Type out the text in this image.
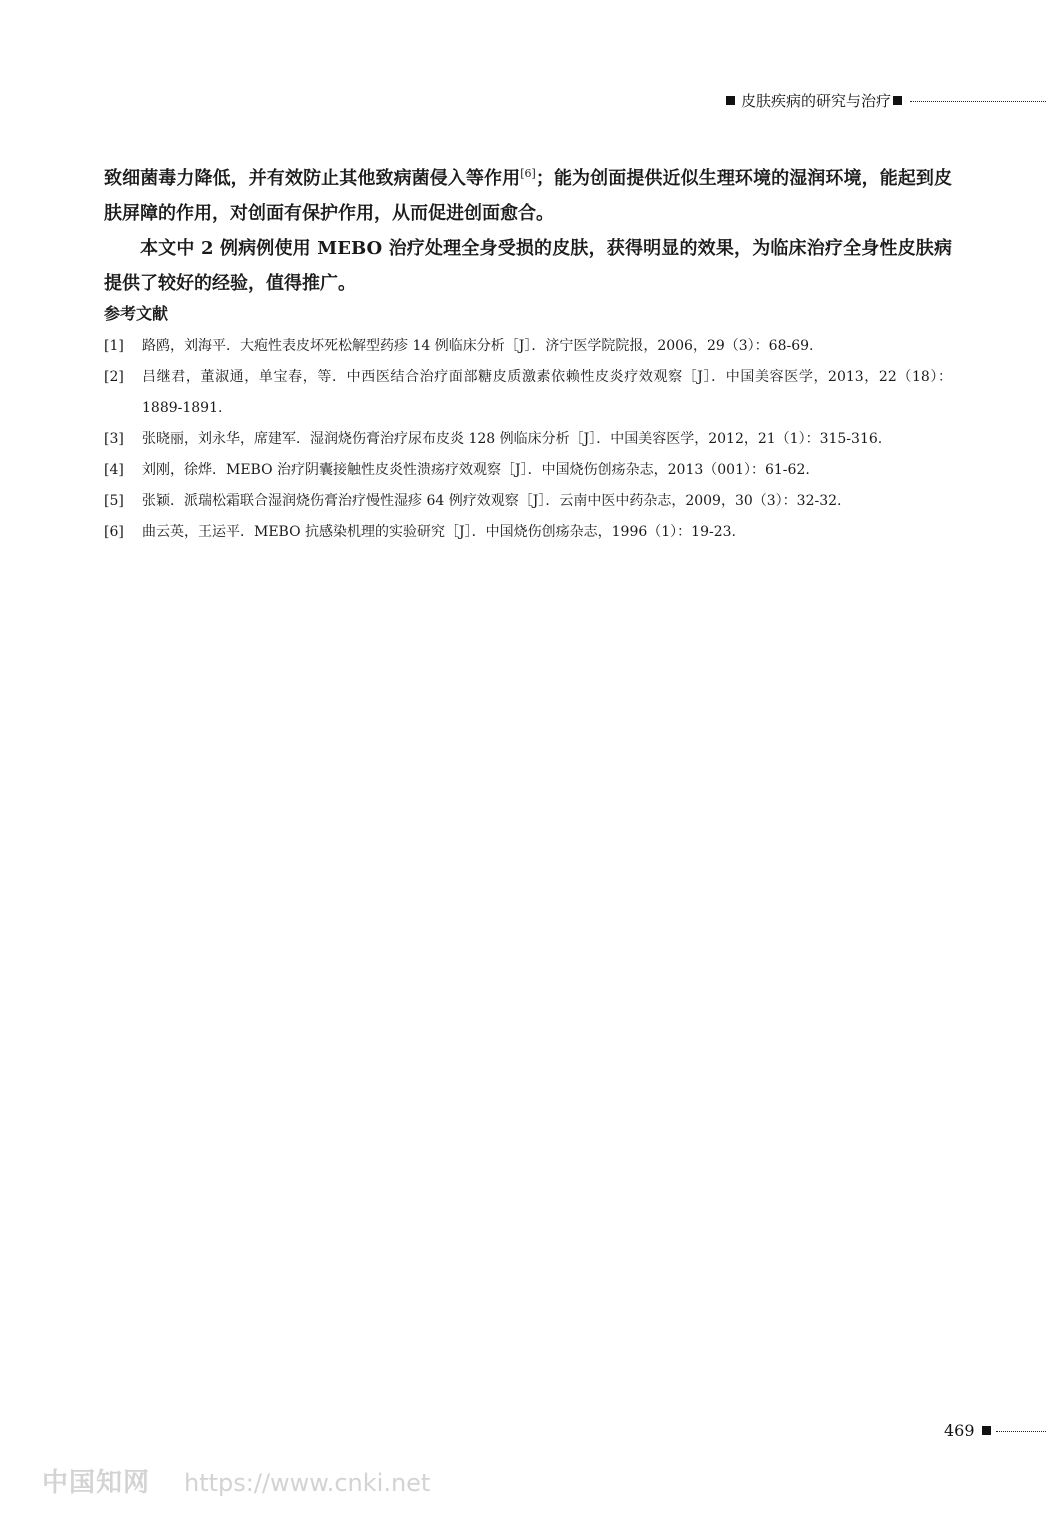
皮肤疾病的研究与治疗

致细菌毒力降低，并有效防止其他致病菌侵入等作用[6]；能为创面提供近似生理环境的湿润环境，能起到皮肤屏障的作用，对创面有保护作用，从而促进创面愈合。

本文中 2 例病例使用 MEBO 治疗处理全身受损的皮肤，获得明显的效果，为临床治疗全身性皮肤病提供了较好的经验，值得推广。

参考文献
[1]	路鸥，刘海平．大疱性表皮坏死松解型药疹 14 例临床分析［J］．济宁医学院院报，2006，29（3）：68-69.
[2]	吕继君，董淑通，单宝春，等．中西医结合治疗面部糖皮质激素依赖性皮炎疗效观察［J］．中国美容医学，2013，22（18）：1889-1891.
[3]	张晓丽，刘永华，席建军．湿润烧伤膏治疗尿布皮炎 128 例临床分析［J］．中国美容医学，2012，21（1）：315-316.
[4]	刘刚，徐烨．MEBO 治疗阴囊接触性皮炎性溃疡疗效观察［J］．中国烧伤创疡杂志，2013（001）：61-62.
[5]	张颖．派瑞松霜联合湿润烧伤膏治疗慢性湿疹 64 例疗效观察［J］．云南中医中药杂志，2009，30（3）：32-32.
[6]	曲云英，王运平．MEBO 抗感染机理的实验研究［J］．中国烧伤创疡杂志，1996（1）：19-23.
469
中国知网 https://www.cnki.net
